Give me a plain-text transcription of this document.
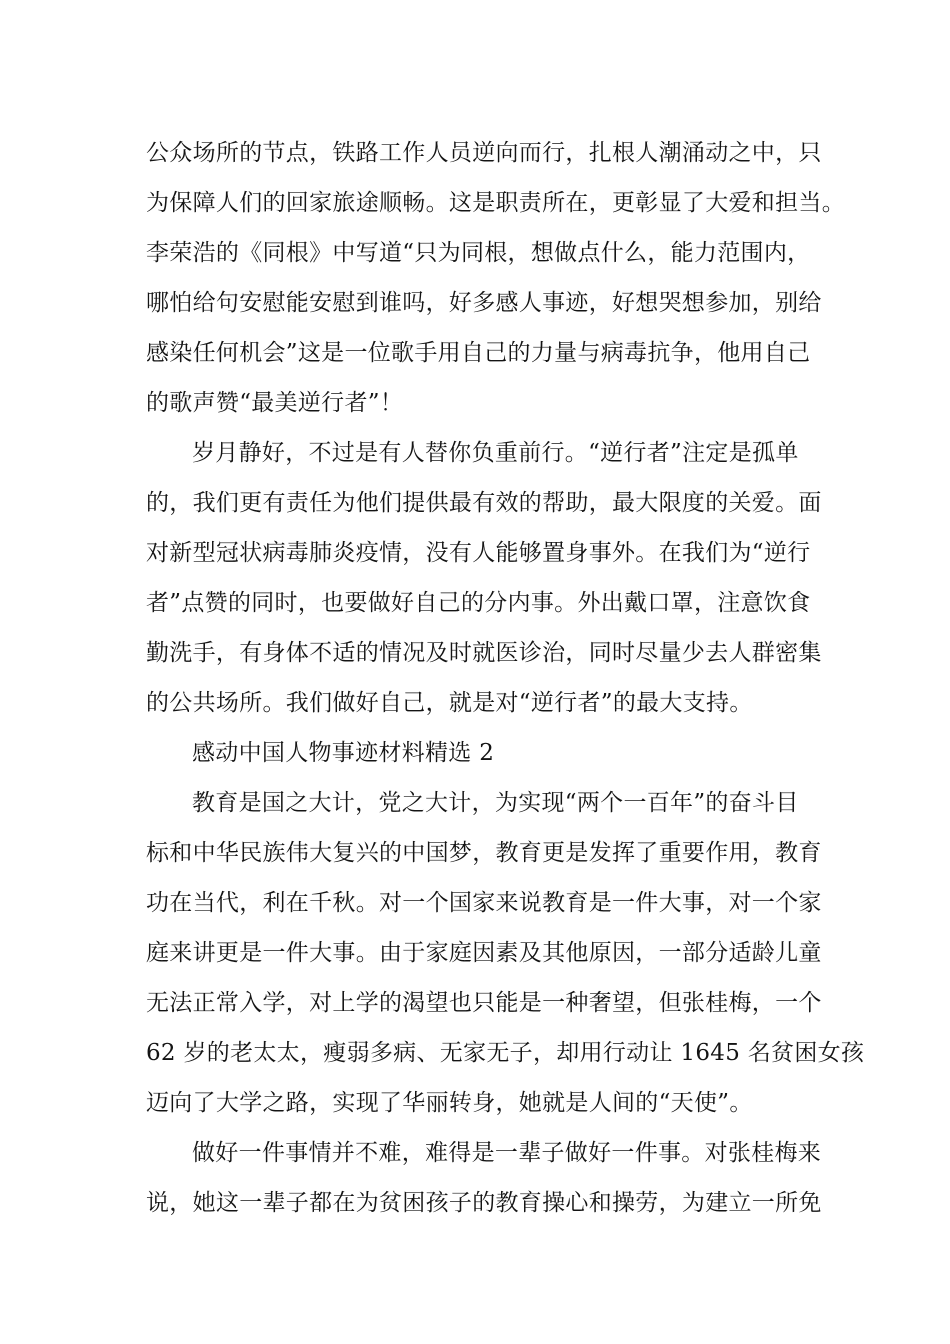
公众场所的节点，铁路工作人员逆向而行，扎根人潮涌动之中，只
为保障人们的回家旅途顺畅。这是职责所在，更彰显了大爱和担当。
李荣浩的《同根》中写道“只为同根，想做点什么，能力范围内，
哪怕给句安慰能安慰到谁吗，好多感人事迹，好想哭想参加，别给
感染任何机会”这是一位歌手用自己的力量与病毒抗争，他用自己
的歌声赞“最美逆行者”！
岁月静好，不过是有人替你负重前行。“逆行者”注定是孤单
的，我们更有责任为他们提供最有效的帮助，最大限度的关爱。面
对新型冠状病毒肺炎疫情，没有人能够置身事外。在我们为“逆行
者”点赞的同时，也要做好自己的分内事。外出戴口罩，注意饮食
勤洗手，有身体不适的情况及时就医诊治，同时尽量少去人群密集
的公共场所。我们做好自己，就是对“逆行者”的最大支持。
感动中国人物事迹材料精选 2
教育是国之大计，党之大计，为实现“两个一百年”的奋斗目
标和中华民族伟大复兴的中国梦，教育更是发挥了重要作用，教育
功在当代，利在千秋。对一个国家来说教育是一件大事，对一个家
庭来讲更是一件大事。由于家庭因素及其他原因，一部分适龄儿童
无法正常入学，对上学的渴望也只能是一种奢望，但张桂梅，一个
62 岁的老太太，瘦弱多病、无家无子，却用行动让 1645 名贫困女孩
迈向了大学之路，实现了华丽转身，她就是人间的“天使”。
做好一件事情并不难，难得是一辈子做好一件事。对张桂梅来
说，她这一辈子都在为贫困孩子的教育操心和操劳，为建立一所免
